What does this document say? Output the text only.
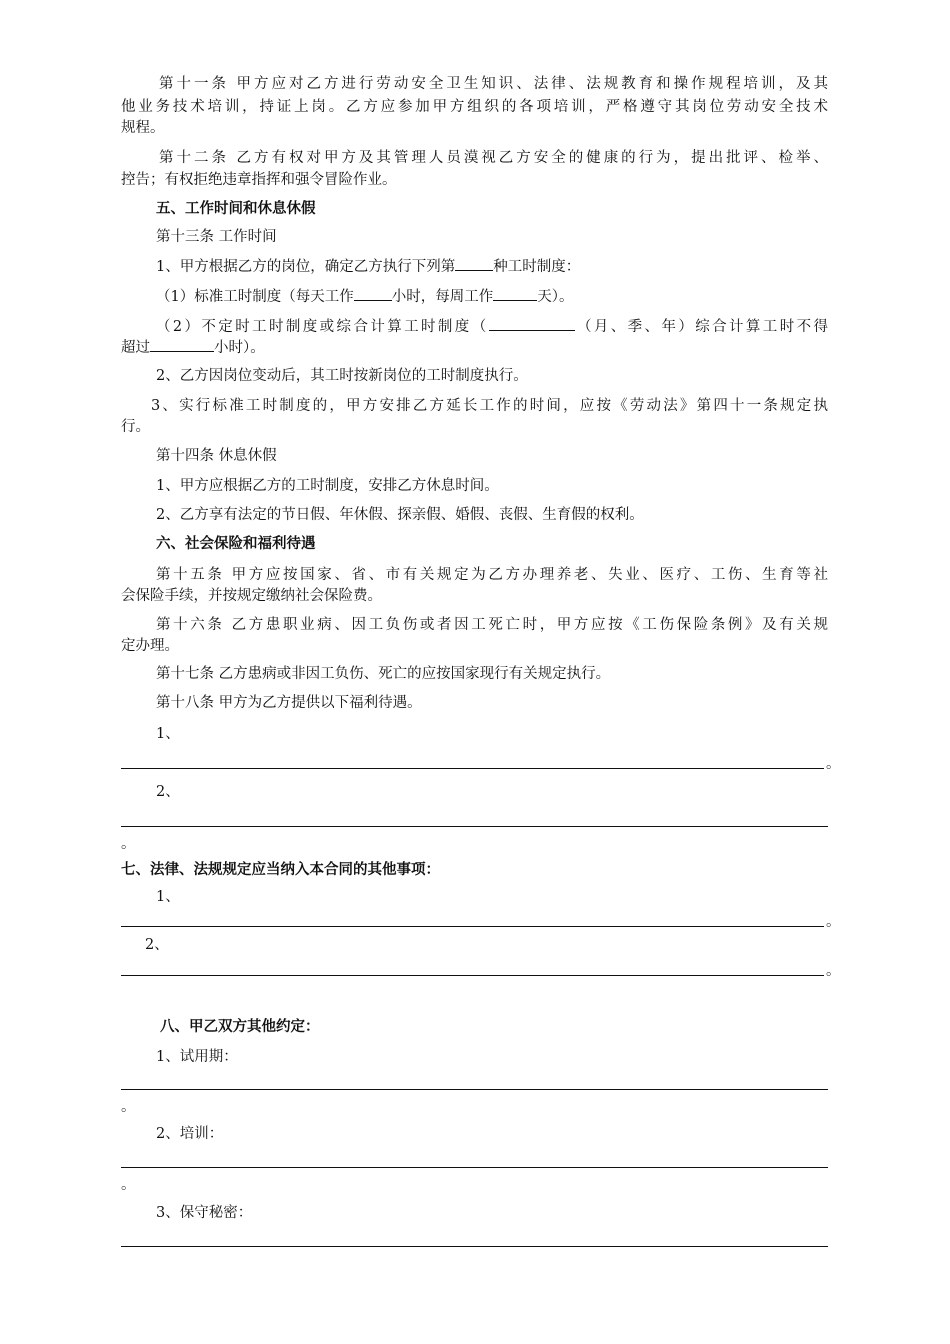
第十一条 甲方应对乙方进行劳动安全卫生知识、法律、法规教育和操作规程培训，及其
他业务技术培训，持证上岗。乙方应参加甲方组织的各项培训，严格遵守其岗位劳动安全技术
规程。
第十二条 乙方有权对甲方及其管理人员漠视乙方安全的健康的行为，提出批评、检举、
控告；有权拒绝违章指挥和强令冒险作业。
五、工作时间和休息休假
第十三条 工作时间
1、甲方根据乙方的岗位，确定乙方执行下列第	种工时制度：
（1）标准工时制度（每天工作	小时，每周工作	天）。
（2）不定时工时制度或综合计算工时制度（	（月、季、年）综合计算工时不得
超过	小时）。
2、乙方因岗位变动后，其工时按新岗位的工时制度执行。
3、实行标准工时制度的，甲方安排乙方延长工作的时间，应按《劳动法》第四十一条规定执
行。
第十四条 休息休假
1、甲方应根据乙方的工时制度，安排乙方休息时间。
2、乙方享有法定的节日假、年休假、探亲假、婚假、丧假、生育假的权利。
六、社会保险和福利待遇
第十五条 甲方应按国家、省、市有关规定为乙方办理养老、失业、医疗、工伤、生育等社
会保险手续，并按规定缴纳社会保险费。
第十六条 乙方患职业病、因工负伤或者因工死亡时，甲方应按《工伤保险条例》及有关规
定办理。
第十七条 乙方患病或非因工负伤、死亡的应按国家现行有关规定执行。
第十八条 甲方为乙方提供以下福利待遇。
1、
。
2、
。
七、法律、法规规定应当纳入本合同的其他事项：
1、
。
2、
。
八、甲乙双方其他约定：
1、试用期：
。
2、培训：
。
3、保守秘密：
